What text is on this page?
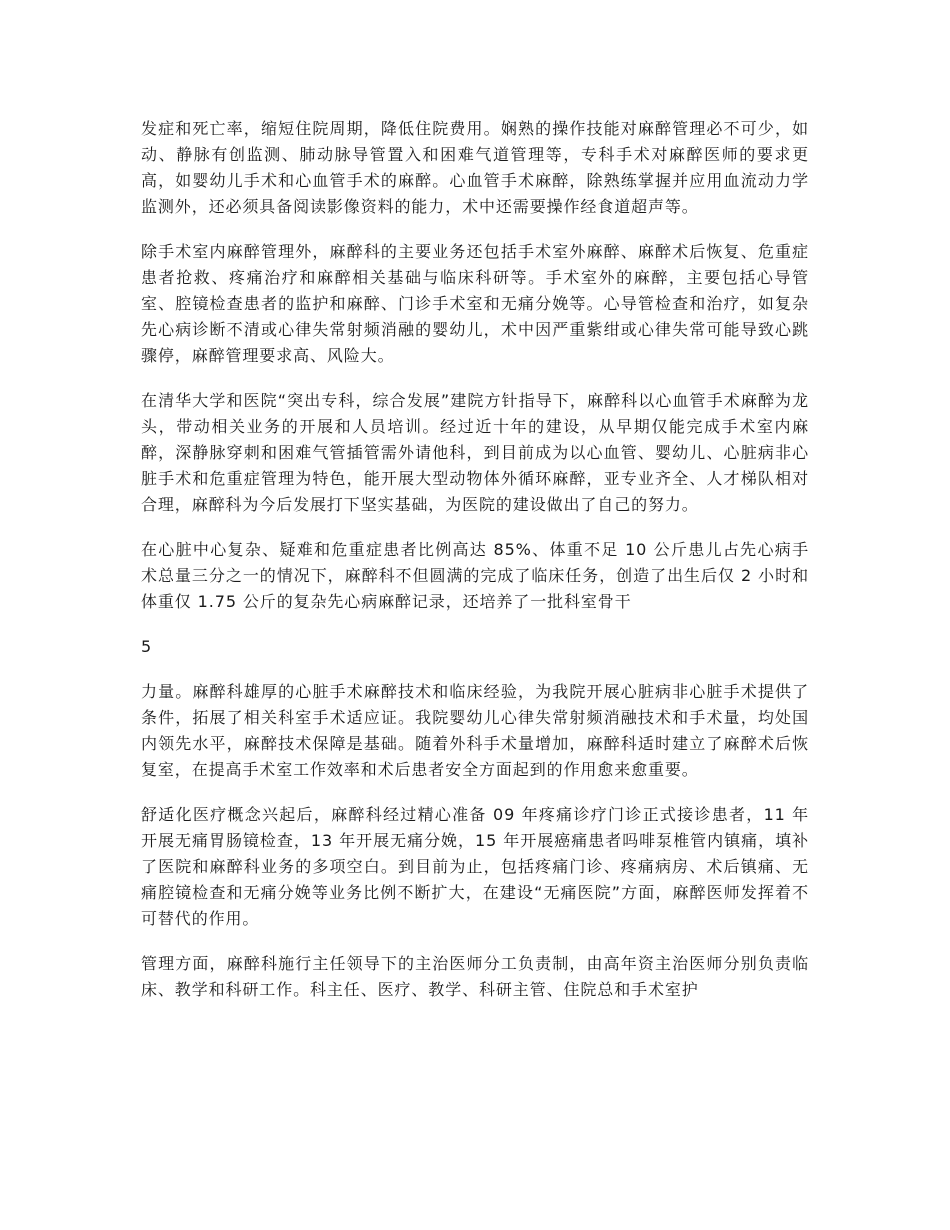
发症和死亡率，缩短住院周期，降低住院费用。娴熟的操作技能对麻醉管理必不可少，如动、静脉有创监测、肺动脉导管置入和困难气道管理等，专科手术对麻醉医师的要求更高，如婴幼儿手术和心血管手术的麻醉。心血管手术麻醉，除熟练掌握并应用血流动力学监测外，还必须具备阅读影像资料的能力，术中还需要操作经食道超声等。

除手术室内麻醉管理外，麻醉科的主要业务还包括手术室外麻醉、麻醉术后恢复、危重症患者抢救、疼痛治疗和麻醉相关基础与临床科研等。手术室外的麻醉，主要包括心导管室、腔镜检查患者的监护和麻醉、门诊手术室和无痛分娩等。心导管检查和治疗，如复杂先心病诊断不清或心律失常射频消融的婴幼儿，术中因严重紫绀或心律失常可能导致心跳骤停，麻醉管理要求高、风险大。

在清华大学和医院“突出专科，综合发展”建院方针指导下，麻醉科以心血管手术麻醉为龙头，带动相关业务的开展和人员培训。经过近十年的建设，从早期仅能完成手术室内麻醉，深静脉穿刺和困难气管插管需外请他科，到目前成为以心血管、婴幼儿、心脏病非心脏手术和危重症管理为特色，能开展大型动物体外循环麻醉，亚专业齐全、人才梯队相对合理，麻醉科为今后发展打下坚实基础，为医院的建设做出了自己的努力。

在心脏中心复杂、疑难和危重症患者比例高达 85%、体重不足 10 公斤患儿占先心病手术总量三分之一的情况下，麻醉科不但圆满的完成了临床任务，创造了出生后仅 2 小时和体重仅 1.75 公斤的复杂先心病麻醉记录，还培养了一批科室骨干

5

力量。麻醉科雄厚的心脏手术麻醉技术和临床经验，为我院开展心脏病非心脏手术提供了条件，拓展了相关科室手术适应证。我院婴幼儿心律失常射频消融技术和手术量，均处国内领先水平，麻醉技术保障是基础。随着外科手术量增加，麻醉科适时建立了麻醉术后恢复室，在提高手术室工作效率和术后患者安全方面起到的作用愈来愈重要。

舒适化医疗概念兴起后，麻醉科经过精心准备 09 年疼痛诊疗门诊正式接诊患者，11 年开展无痛胃肠镜检查，13 年开展无痛分娩，15 年开展癌痛患者吗啡泵椎管内镇痛，填补了医院和麻醉科业务的多项空白。到目前为止，包括疼痛门诊、疼痛病房、术后镇痛、无痛腔镜检查和无痛分娩等业务比例不断扩大，在建设“无痛医院”方面，麻醉医师发挥着不可替代的作用。

管理方面，麻醉科施行主任领导下的主治医师分工负责制，由高年资主治医师分别负责临床、教学和科研工作。科主任、医疗、教学、科研主管、住院总和手术室护
